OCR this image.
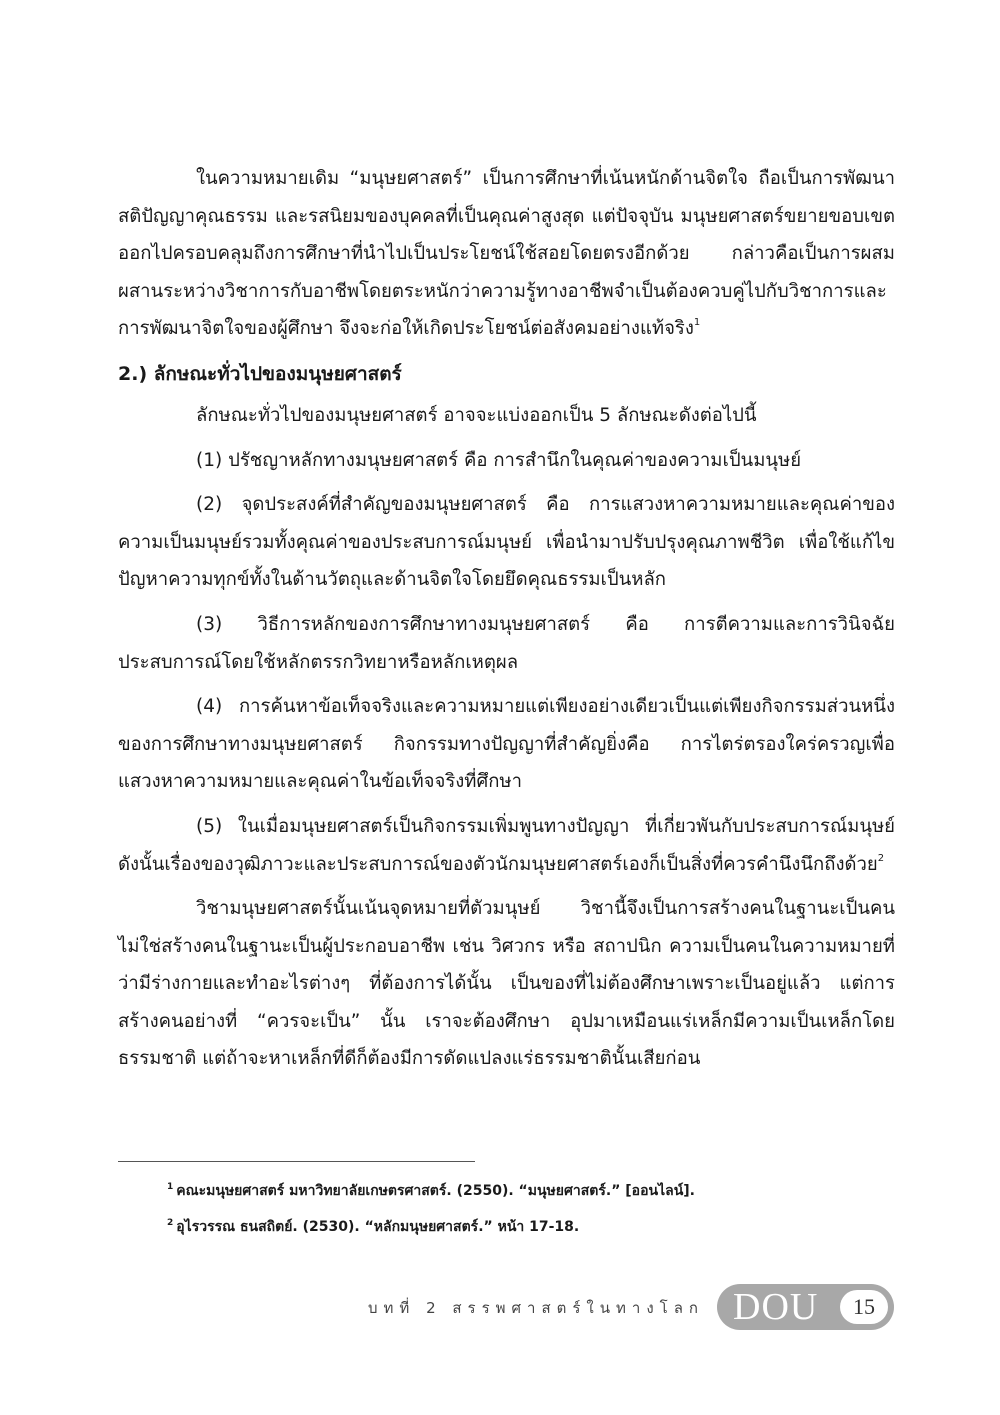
ในความหมายเดิม “มนุษยศาสตร์” เป็นการศึกษาที่เน้นหนักด้านจิตใจ ถือเป็นการพัฒนาสติปัญญาคุณธรรม และรสนิยมของบุคคลที่เป็นคุณค่าสูงสุด แต่ปัจจุบัน มนุษยศาสตร์ขยายขอบเขตออกไปครอบคลุมถึงการศึกษาที่นำไปเป็นประโยชน์ใช้สอยโดยตรงอีกด้วย กล่าวคือเป็นการผสมผสานระหว่างวิชาการกับอาชีพโดยตระหนักว่าความรู้ทางอาชีพจำเป็นต้องควบคู่ไปกับวิชาการและการพัฒนาจิตใจของผู้ศึกษา จึงจะก่อให้เกิดประโยชน์ต่อสังคมอย่างแท้จริง$^1$

2.) ลักษณะทั่วไปของมนุษยศาสตร์

ลักษณะทั่วไปของมนุษยศาสตร์ อาจจะแบ่งออกเป็น 5 ลักษณะดังต่อไปนี้

(1) ปรัชญาหลักทางมนุษยศาสตร์ คือ การสำนึกในคุณค่าของความเป็นมนุษย์

(2) จุดประสงค์ที่สำคัญของมนุษยศาสตร์ คือ การแสวงหาความหมายและคุณค่าของความเป็นมนุษย์รวมทั้งคุณค่าของประสบการณ์มนุษย์ เพื่อนำมาปรับปรุงคุณภาพชีวิต เพื่อใช้แก้ไขปัญหาความทุกข์ทั้งในด้านวัตถุและด้านจิตใจโดยยึดคุณธรรมเป็นหลัก

(3) วิธีการหลักของการศึกษาทางมนุษยศาสตร์ คือ การตีความและการวินิจฉัยประสบการณ์โดยใช้หลักตรรกวิทยาหรือหลักเหตุผล

(4) การค้นหาข้อเท็จจริงและความหมายแต่เพียงอย่างเดียวเป็นแต่เพียงกิจกรรมส่วนหนึ่งของการศึกษาทางมนุษยศาสตร์ กิจกรรมทางปัญญาที่สำคัญยิ่งคือ การไตร่ตรองใคร่ครวญเพื่อแสวงหาความหมายและคุณค่าในข้อเท็จจริงที่ศึกษา

(5) ในเมื่อมนุษยศาสตร์เป็นกิจกรรมเพิ่มพูนทางปัญญา ที่เกี่ยวพันกับประสบการณ์มนุษย์ ดังนั้นเรื่องของวุฒิภาวะและประสบการณ์ของตัวนักมนุษยศาสตร์เองก็เป็นสิ่งที่ควรคำนึงนึกถึงด้วย$^2$

วิชามนุษยศาสตร์นั้นเน้นจุดหมายที่ตัวมนุษย์ วิชานี้จึงเป็นการสร้างคนในฐานะเป็นคน ไม่ใช่สร้างคนในฐานะเป็นผู้ประกอบอาชีพ เช่น วิศวกร หรือ สถาปนิก ความเป็นคนในความหมายที่ว่ามีร่างกายและทำอะไรต่างๆ ที่ต้องการได้นั้น เป็นของที่ไม่ต้องศึกษาเพราะเป็นอยู่แล้ว แต่การสร้างคนอย่างที่ “ควรจะเป็น” นั้น เราจะต้องศึกษา อุปมาเหมือนแร่เหล็กมีความเป็นเหล็กโดยธรรมชาติ แต่ถ้าจะหาเหล็กที่ดีก็ต้องมีการดัดแปลงแร่ธรรมชาตินั้นเสียก่อน

$^1$ คณะมนุษยศาสตร์ มหาวิทยาลัยเกษตรศาสตร์. (2550). “มนุษยศาสตร์.” [ออนไลน์].

$^2$ อุไรวรรณ ธนสถิตย์. (2530). “หลักมนุษยศาสตร์.” หน้า 17-18.

บทที่ 2 สรรพศาสตร์ในทางโลก DOU	15
